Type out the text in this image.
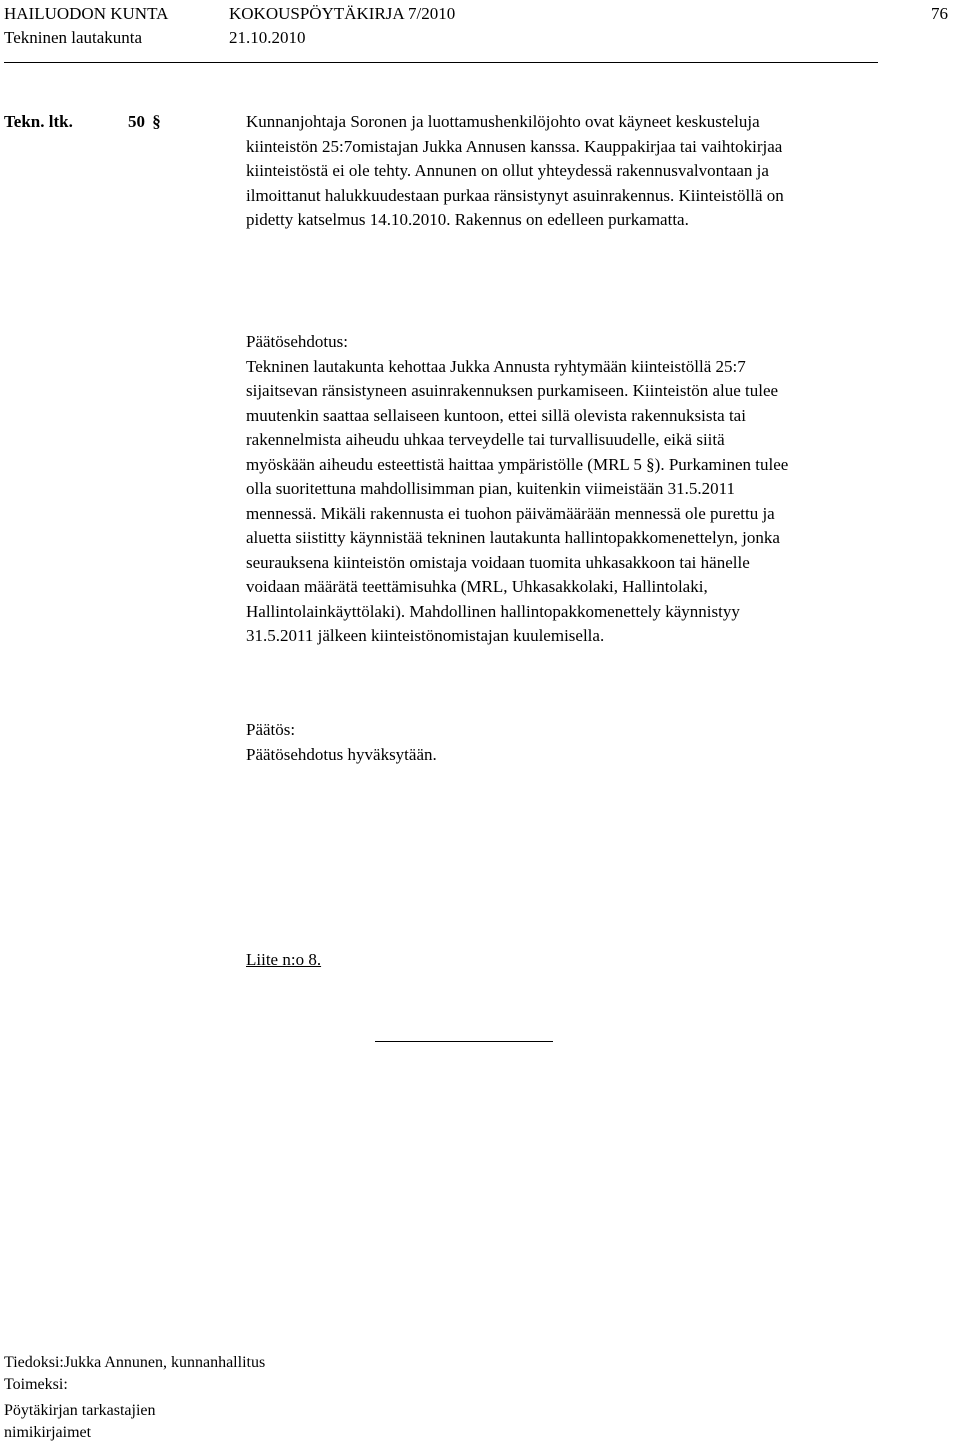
HAILUODON KUNTA	KOKOUSPÖYTÄKIRJA 7/2010	76
Tekninen lautakunta	21.10.2010
Tekn. ltk.	50 §	Kunnanjohtaja Soronen ja luottamushenkilöjohto ovat käyneet keskusteluja
kiinteistön 25:7omistajan Jukka Annusen kanssa. Kauppakirjaa tai vaihtokirjaa
kiinteistöstä ei ole tehty. Annunen on ollut yhteydessä rakennusvalvontaan ja
ilmoittanut halukkuudestaan purkaa ränsistynyt asuinrakennus. Kiinteistöllä on
pidetty katselmus 14.10.2010. Rakennus on edelleen purkamatta.
Päätösehdotus:
Tekninen lautakunta kehottaa Jukka Annusta ryhtymään kiinteistöllä 25:7
sijaitsevan ränsistyneen asuinrakennuksen purkamiseen. Kiinteistön alue tulee
muutenkin saattaa sellaiseen kuntoon, ettei sillä olevista rakennuksista tai
rakennelmista aiheudu uhkaa terveydelle tai turvallisuudelle, eikä siitä
myöskään aiheudu esteettistä haittaa ympäristölle (MRL 5 §). Purkaminen tulee
olla suoritettuna mahdollisimman pian, kuitenkin viimeistään 31.5.2011
mennessä. Mikäli rakennusta ei tuohon päivämäärään mennessä ole purettu ja
aluetta siistitty käynnistää tekninen lautakunta hallintopakkomenettelyn, jonka
seurauksena kiinteistön omistaja voidaan tuomita uhkasakkoon tai hänelle
voidaan määrätä teettämisuhka (MRL, Uhkasakkolaki, Hallintolaki,
Hallintolainkäyttölaki). Mahdollinen hallintopakkomenettely käynnistyy
31.5.2011 jälkeen kiinteistönomistajan kuulemisella.
Päätös:
Päätösehdotus hyväksytään.
Liite n:o 8.
Tiedoksi:Jukka Annunen, kunnanhallitus
Toimeksi:
Pöytäkirjan tarkastajien
nimikirjaimet
